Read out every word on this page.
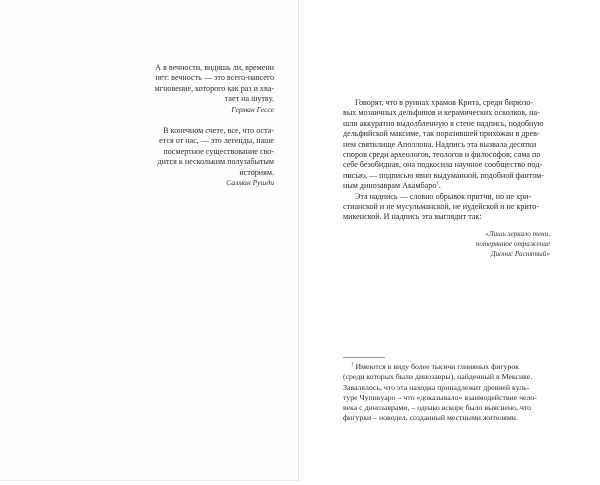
А в вечности, видишь ли, времени
нет: вечность — это всего-навсего
мгновение, которого как раз и хва-
тает на шутку.
Герман Гессе
В конечном счете, все, что оста-
ется от нас, — это легенды, наше
посмертное существование сво-
дится к нескольким полузабытым
историям.
Салман Рушди
Говорят, что в руинах храмов Крита, среди бирюзо-
вых мозаичных дельфинов и керамических осколков, на-
шли аккуратно выдолбленную в стене надпись, подобную
дельфийской максиме, так поразившей прихожан в древ-
нем святилище Аполлона. Надпись эта вызвала десятки
споров среди археологов, теологов и философов; сама по
себе безобидная, она подкосила научное сообщество под-
писью, — подписью явно выдуманной, подобной фантом-
ным динозаврам Акамбаро$^1$.
Эта надпись — словно обрывок притчи, но не хри-
стианской и не мусульманской, не иудейской и не крито-
микенской. И надпись эта выглядит так:
«Лишь зеркало тени,
потерянное отражение
Дионис Распятый»
$^1$ Имеются в виду более тысячи глиняных фигурок
(среди которых были динозавры), найденный в Мексике.
Завалялось, что эта находка принадлежит древней куль-
туре Чупикуаро – что «доказывало» взаимодействие чело-
века с динозаврами, – однако вскоре было выяснено, что
фигурки – новодел, созданный местными жителями.
